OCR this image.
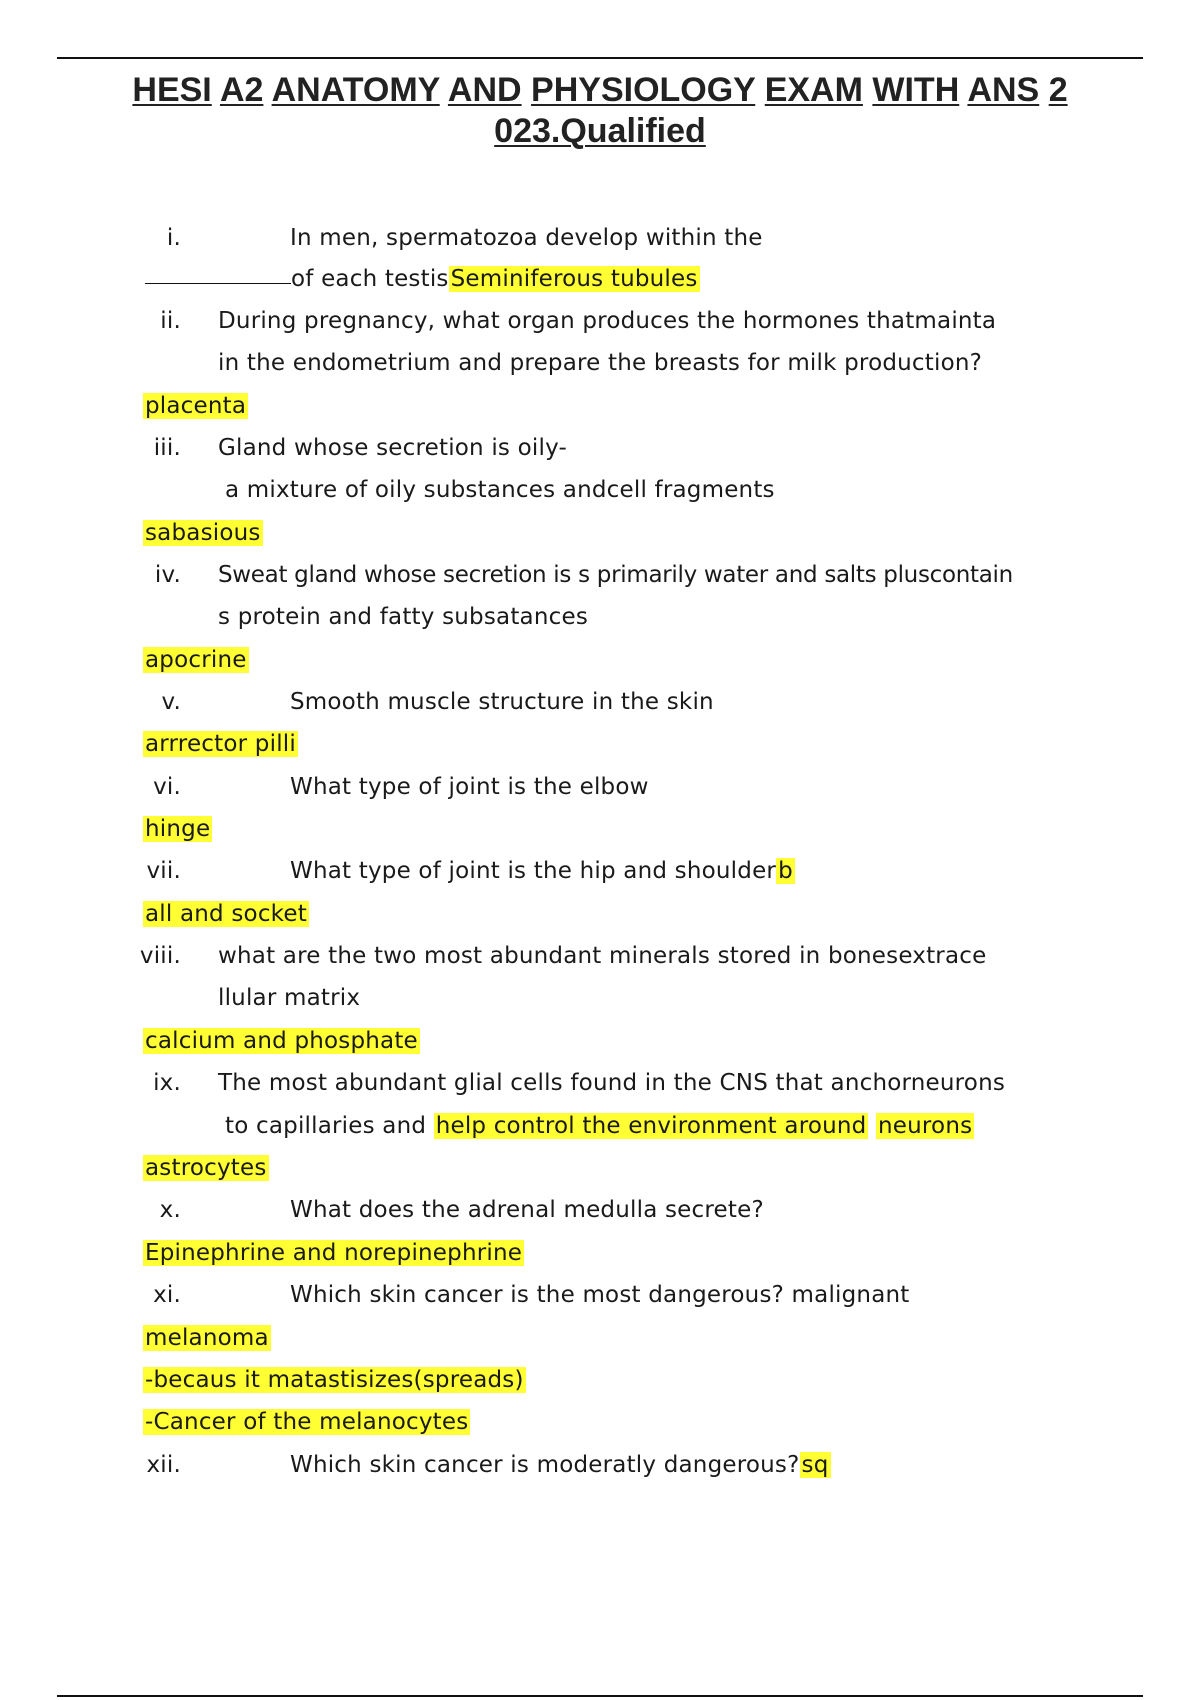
HESI A2 ANATOMY AND PHYSIOLOGY EXAM WITH ANS 2
023.Qualified
i.	In men, spermatozoa develop within the
of each testisSeminiferous tubules
ii. During pregnancy, what organ produces the hormones thatmainta
in the endometrium and prepare the breasts for milk production?
placenta
iii. Gland whose secretion is oily-
a mixture of oily substances andcell fragments
sabasious
iv. Sweat gland whose secretion is s primarily water and salts pluscontain
s protein and fatty subsatances
apocrine
v.	Smooth muscle structure in the skin
arrrector pilli
vi.	What type of joint is the elbow
hinge
vii.	What type of joint is the hip and shoulderb
all and socket
viii. what are the two most abundant minerals stored in bonesextrace
llular matrix
calcium and phosphate
ix. The most abundant glial cells found in the CNS that anchorneurons
to capillaries and help control the environment around neurons
astrocytes
x.	What does the adrenal medulla secrete?
Epinephrine and norepinephrine
xi.	Which skin cancer is the most dangerous? malignant
melanoma
-becaus it matastisizes(spreads)
-Cancer of the melanocytes
xii.	Which skin cancer is moderatly dangerous?sq
